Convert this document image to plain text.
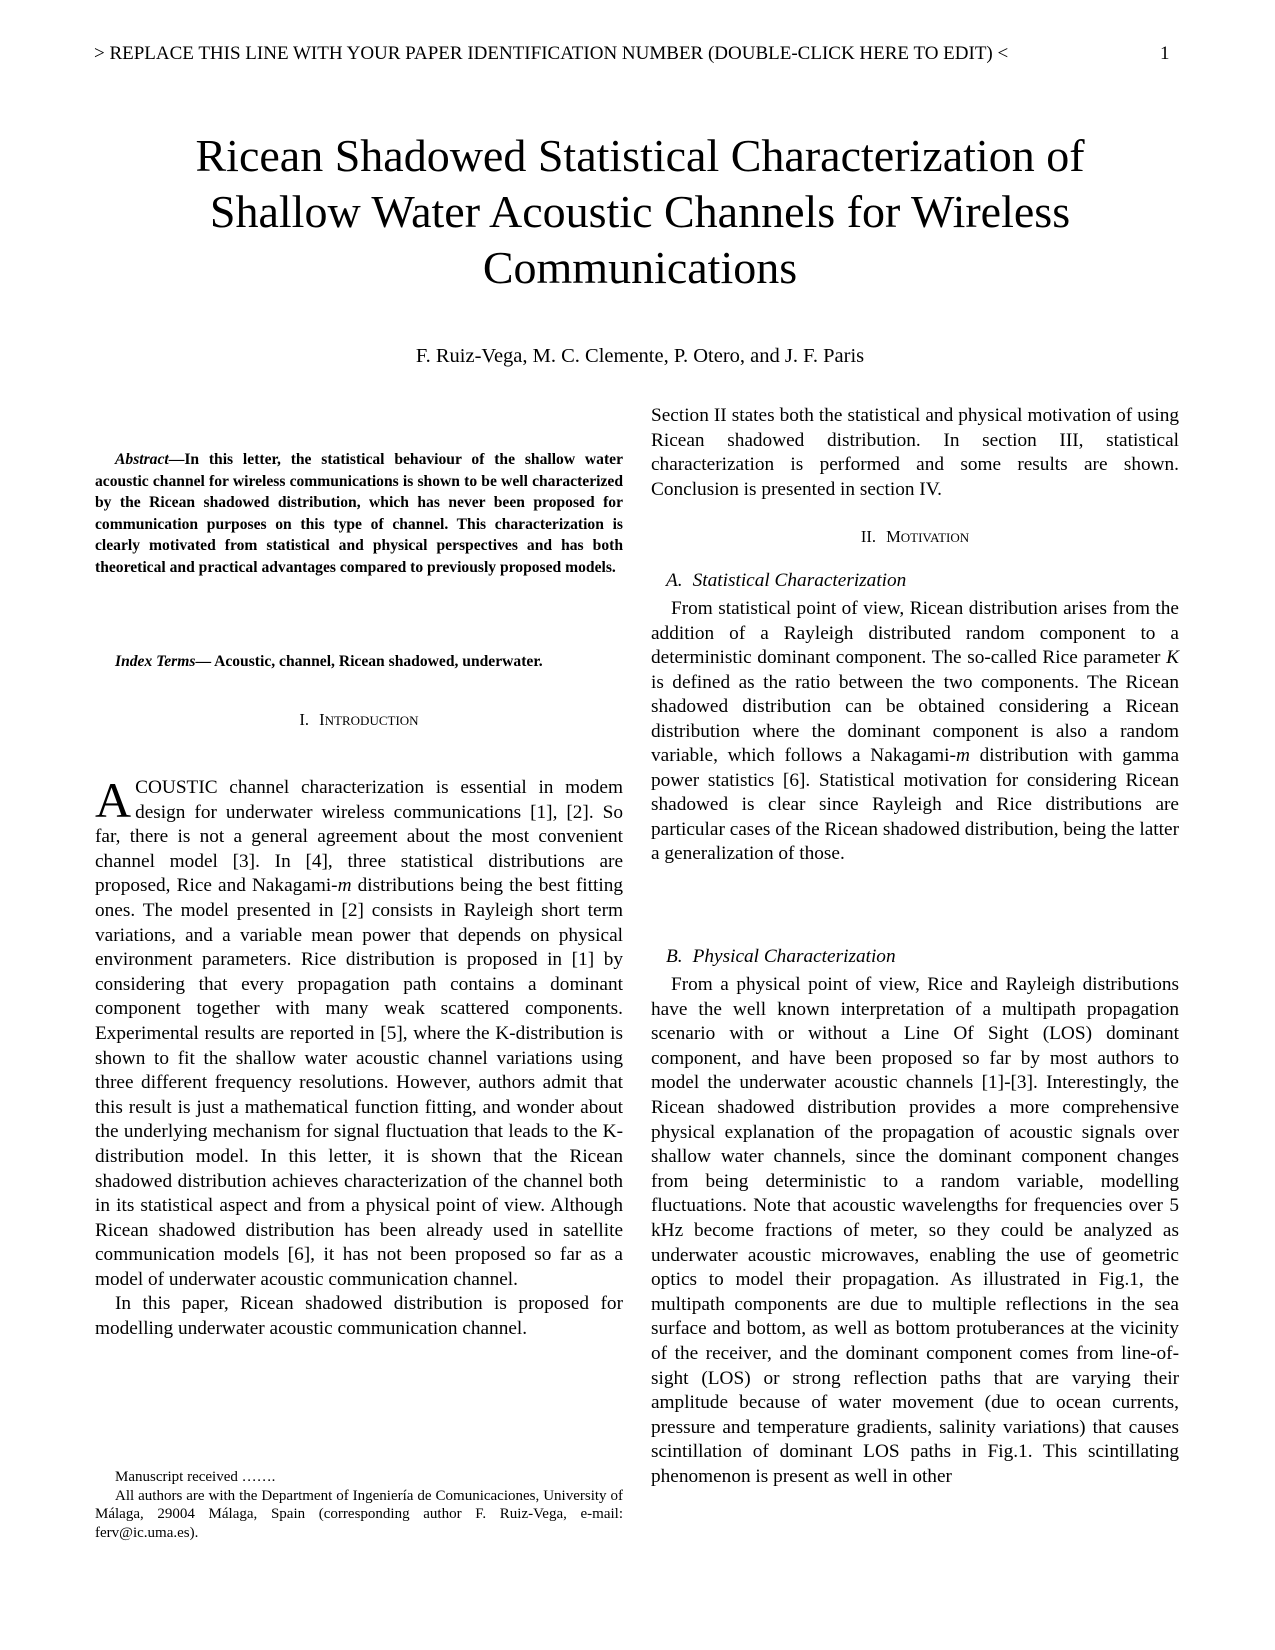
> REPLACE THIS LINE WITH YOUR PAPER IDENTIFICATION NUMBER (DOUBLE-CLICK HERE TO EDIT) <	1
Ricean Shadowed Statistical Characterization of
Shallow Water Acoustic Channels for Wireless
Communications
F. Ruiz-Vega, M. C. Clemente, P. Otero, and J. F. Paris

Abstract—In this letter, the statistical behaviour of the shallow water acoustic channel for wireless communications is shown to be well characterized by the Ricean shadowed distribution, which has never been proposed for communication purposes on this type of channel. This characterization is clearly motivated from statistical and physical perspectives and has both theoretical and practical advantages compared to previously proposed models.

Index Terms— Acoustic, channel, Ricean shadowed, underwater.

I. INTRODUCTION

ACOUSTIC channel characterization is essential in modem design for underwater wireless communications [1], [2]. So far, there is not a general agreement about the most convenient channel model [3]. In [4], three statistical distributions are proposed, Rice and Nakagami-m distributions being the best fitting ones. The model presented in [2] consists in Rayleigh short term variations, and a variable mean power that depends on physical environment parameters. Rice distribution is proposed in [1] by considering that every propagation path contains a dominant component together with many weak scattered components. Experimental results are reported in [5], where the K-distribution is shown to fit the shallow water acoustic channel variations using three different frequency resolutions. However, authors admit that this result is just a mathematical function fitting, and wonder about the underlying mechanism for signal fluctuation that leads to the K-distribution model. In this letter, it is shown that the Ricean shadowed distribution achieves characterization of the channel both in its statistical aspect and from a physical point of view. Although Ricean shadowed distribution has been already used in satellite communication models [6], it has not been proposed so far as a model of underwater acoustic communication channel.

In this paper, Ricean shadowed distribution is proposed for modelling underwater acoustic communication channel.

Manuscript received …….
All authors are with the Department of Ingeniería de Comunicaciones, University of Málaga, 29004 Málaga, Spain (corresponding author F. Ruiz-Vega, e-mail: ferv@ic.uma.es).

Section II states both the statistical and physical motivation of using Ricean shadowed distribution. In section III, statistical characterization is performed and some results are shown. Conclusion is presented in section IV.

II. MOTIVATION
A. Statistical Characterization

From statistical point of view, Ricean distribution arises from the addition of a Rayleigh distributed random component to a deterministic dominant component. The so-called Rice parameter K is defined as the ratio between the two components. The Ricean shadowed distribution can be obtained considering a Ricean distribution where the dominant component is also a random variable, which follows a Nakagami-m distribution with gamma power statistics [6]. Statistical motivation for considering Ricean shadowed is clear since Rayleigh and Rice distributions are particular cases of the Ricean shadowed distribution, being the latter a generalization of those.

B. Physical Characterization

From a physical point of view, Rice and Rayleigh distributions have the well known interpretation of a multipath propagation scenario with or without a Line Of Sight (LOS) dominant component, and have been proposed so far by most authors to model the underwater acoustic channels [1]-[3]. Interestingly, the Ricean shadowed distribution provides a more comprehensive physical explanation of the propagation of acoustic signals over shallow water channels, since the dominant component changes from being deterministic to a random variable, modelling fluctuations. Note that acoustic wavelengths for frequencies over 5 kHz become fractions of meter, so they could be analyzed as underwater acoustic microwaves, enabling the use of geometric optics to model their propagation. As illustrated in Fig.1, the multipath components are due to multiple reflections in the sea surface and bottom, as well as bottom protuberances at the vicinity of the receiver, and the dominant component comes from line-of-sight (LOS) or strong reflection paths that are varying their amplitude because of water movement (due to ocean currents, pressure and temperature gradients, salinity variations) that causes scintillation of dominant LOS paths in Fig.1. This scintillating phenomenon is present as well in other
